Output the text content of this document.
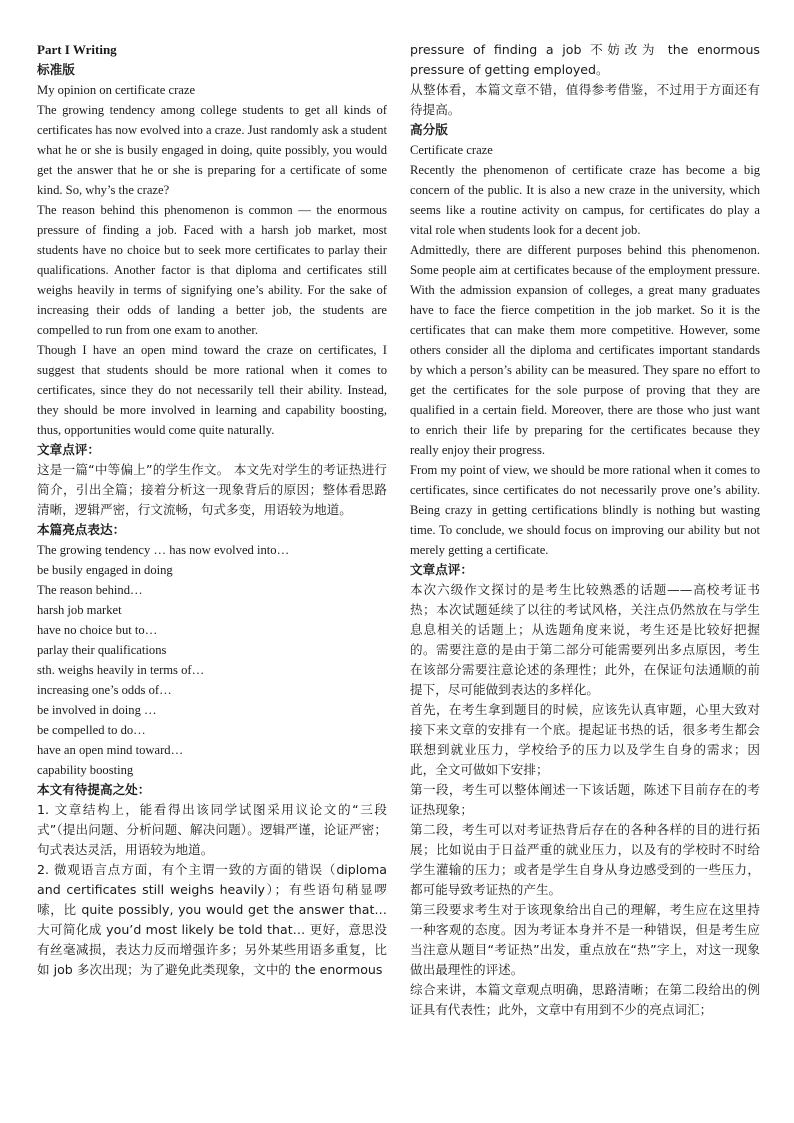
Part I Writing

标准版

My opinion on certificate craze

The growing tendency among college students to get all kinds of certificates has now evolved into a craze. Just randomly ask a student what he or she is busily engaged in doing, quite possibly, you would get the answer that he or she is preparing for a certificate of some kind. So, why’s the craze?

The reason behind this phenomenon is common — the enormous pressure of finding a job. Faced with a harsh job market, most students have no choice but to seek more certificates to parlay their qualifications. Another factor is that diploma and certificates still weighs heavily in terms of signifying one’s ability. For the sake of increasing their odds of landing a better job, the students are compelled to run from one exam to another.

Though I have an open mind toward the craze on certificates, I suggest that students should be more rational when it comes to certificates, since they do not necessarily tell their ability. Instead, they should be more involved in learning and capability boosting, thus, opportunities would come quite naturally.

文章点评：

这是一篇“中等偏上”的学生作文。 本文先对学生的考证热进行简介，引出全篇；接着分析这一现象背后的原因；整体看思路清晰，逻辑严密，行文流畅，句式多变，用语较为地道。

本篇亮点表达：

The growing tendency … has now evolved into…

be busily engaged in doing

The reason behind…

harsh job market

have no choice but to…

parlay their qualifications

sth. weighs heavily in terms of…

increasing one’s odds of…

be involved in doing …

be compelled to do…

have an open mind toward…

capability boosting

本文有待提高之处：

1. 文章结构上，能看得出该同学试图采用议论文的“三段式”（提出问题、分析问题、解决问题）。逻辑严谨，论证严密；句式表达灵活，用语较为地道。

2. 微观语言点方面，有个主谓一致的方面的错误（diploma and certificates still weighs heavily）；有些语句稍显啰嗦，比 quite possibly, you would get the answer that… 大可简化成 you’d most likely be told that… 更好，意思没有丝毫减损，表达力反而增强许多；另外某些用语多重复，比如 job 多次出现；为了避免此类现象，文中的 the enormous

pressure of finding a job 不妨改为 the enormous pressure of getting employed。

从整体看，本篇文章不错，值得参考借鉴，不过用于方面还有待提高。

高分版

Certificate craze

Recently the phenomenon of certificate craze has become a big concern of the public. It is also a new craze in the university, which seems like a routine activity on campus, for certificates do play a vital role when students look for a decent job.

Admittedly, there are different purposes behind this phenomenon. Some people aim at certificates because of the employment pressure. With the admission expansion of colleges, a great many graduates have to face the fierce competition in the job market. So it is the certificates that can make them more competitive. However, some others consider all the diploma and certificates important standards by which a person’s ability can be measured. They spare no effort to get the certificates for the sole purpose of proving that they are qualified in a certain field. Moreover, there are those who just want to enrich their life by preparing for the certificates because they really enjoy their progress.

From my point of view, we should be more rational when it comes to certificates, since certificates do not necessarily prove one’s ability. Being crazy in getting certifications blindly is nothing but wasting time. To conclude, we should focus on improving our ability but not merely getting a certificate.

文章点评：

本次六级作文探讨的是考生比较熟悉的话题——高校考证书热；本次试题延续了以往的考试风格，关注点仍然放在与学生息息相关的话题上；从选题角度来说，考生还是比较好把握的。需要注意的是由于第二部分可能需要列出多点原因，考生在该部分需要注意论述的条理性；此外，在保证句法通顺的前提下，尽可能做到表达的多样化。

首先，在考生拿到题目的时候，应该先认真审题，心里大致对接下来文章的安排有一个底。提起证书热的话，很多考生都会联想到就业压力，学校给予的压力以及学生自身的需求；因此，全文可做如下安排；

第一段，考生可以整体阐述一下该话题，陈述下目前存在的考证热现象；

第二段，考生可以对考证热背后存在的各种各样的目的进行拓展；比如说由于日益严重的就业压力，以及有的学校时不时给学生灌输的压力；或者是学生自身从身边感受到的一些压力，都可能导致考证热的产生。

第三段要求考生对于该现象给出自己的理解，考生应在这里持一种客观的态度。因为考证本身并不是一种错误，但是考生应当注意从题目“考证热”出发，重点放在“热”字上，对这一现象做出最理性的评述。

综合来讲，本篇文章观点明确，思路清晰；在第二段给出的例证具有代表性；此外，文章中有用到不少的亮点词汇；
